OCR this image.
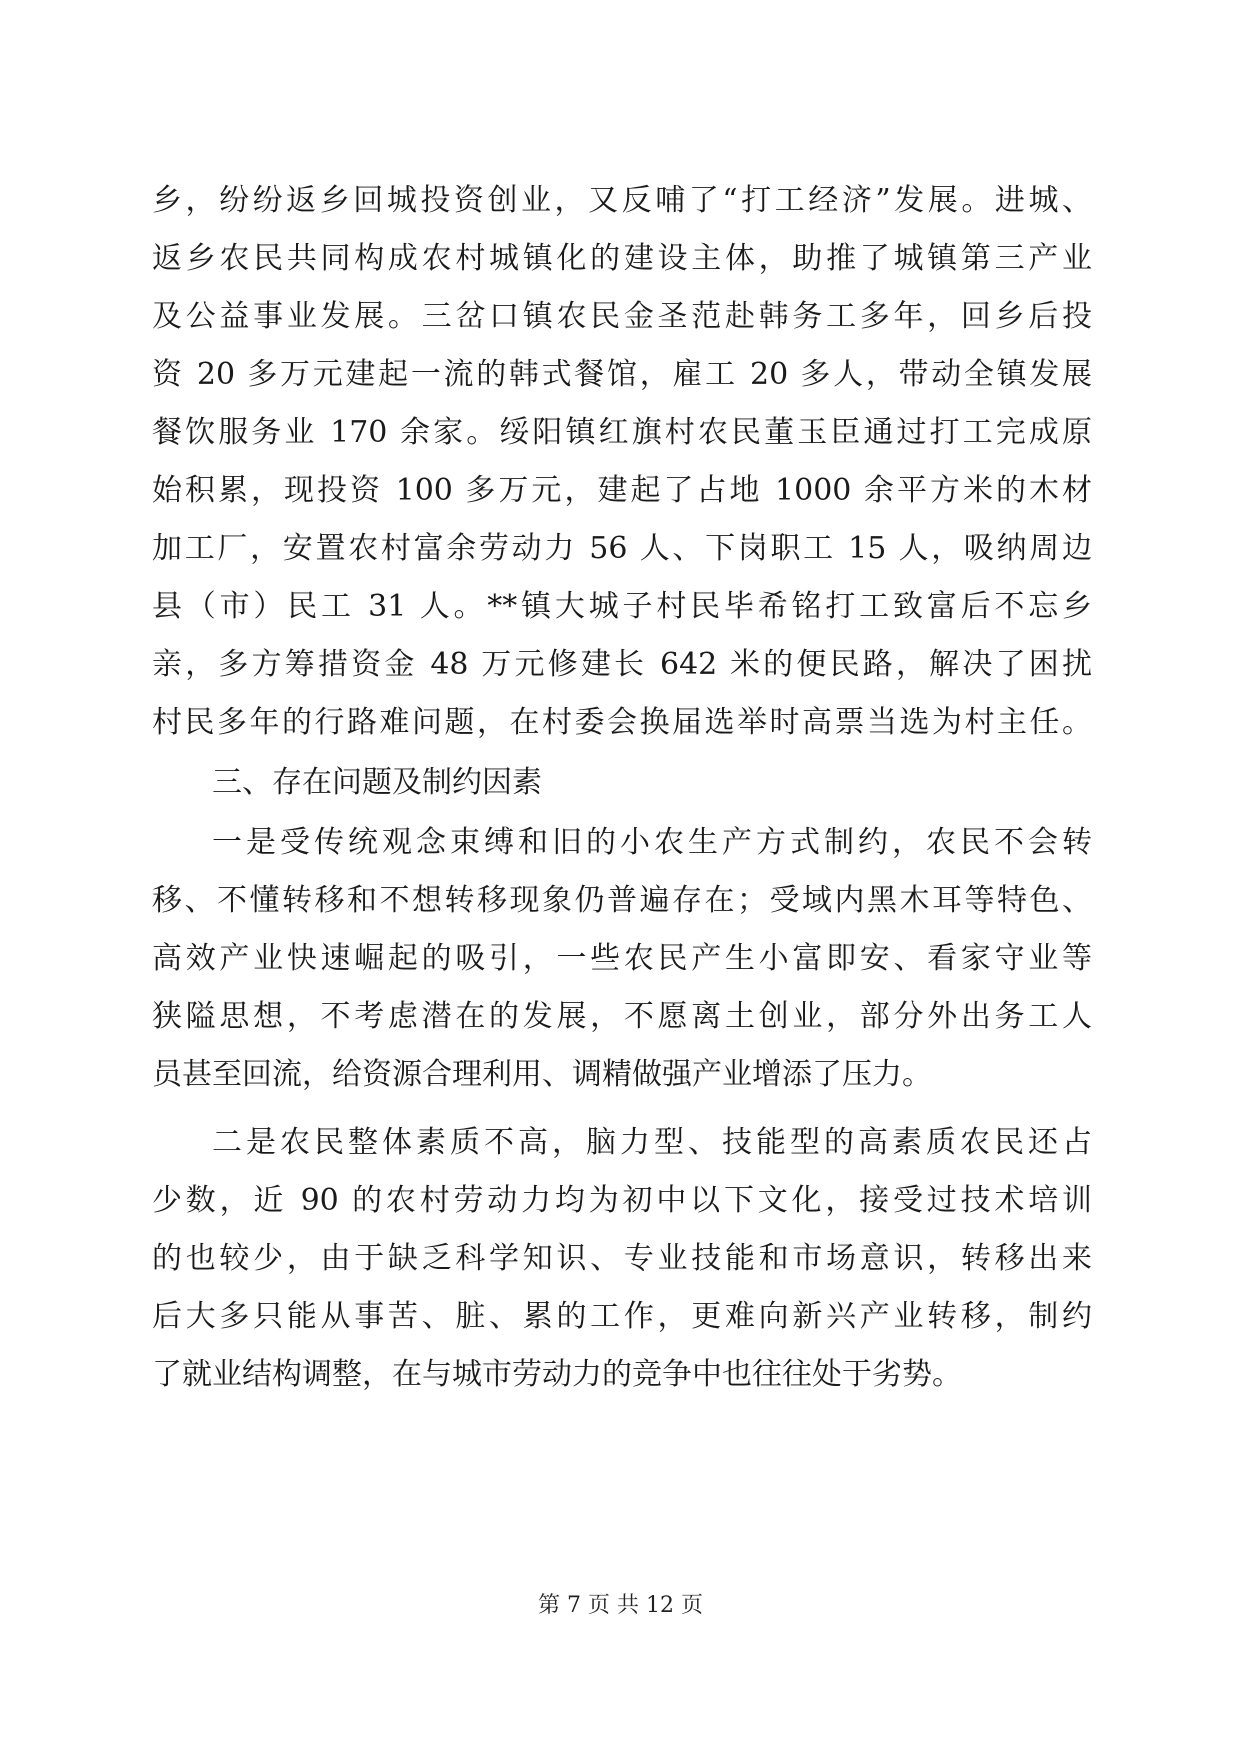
乡，纷纷返乡回城投资创业，又反哺了“打工经济”发展。进城、
返乡农民共同构成农村城镇化的建设主体，助推了城镇第三产业
及公益事业发展。三岔口镇农民金圣范赴韩务工多年，回乡后投
资 20 多万元建起一流的韩式餐馆，雇工 20 多人，带动全镇发展
餐饮服务业 170 余家。绥阳镇红旗村农民董玉臣通过打工完成原
始积累，现投资 100 多万元，建起了占地 1000 余平方米的木材
加工厂，安置农村富余劳动力 56 人、下岗职工 15 人，吸纳周边
县（市）民工 31 人。**镇大城子村民毕希铭打工致富后不忘乡
亲，多方筹措资金 48 万元修建长 642 米的便民路，解决了困扰
村民多年的行路难问题，在村委会换届选举时高票当选为村主任。
三、存在问题及制约因素
一是受传统观念束缚和旧的小农生产方式制约，农民不会转
移、不懂转移和不想转移现象仍普遍存在；受域内黑木耳等特色、
高效产业快速崛起的吸引，一些农民产生小富即安、看家守业等
狭隘思想，不考虑潜在的发展，不愿离土创业，部分外出务工人
员甚至回流，给资源合理利用、调精做强产业增添了压力。
二是农民整体素质不高，脑力型、技能型的高素质农民还占
少数，近 90 的农村劳动力均为初中以下文化，接受过技术培训
的也较少，由于缺乏科学知识、专业技能和市场意识，转移出来
后大多只能从事苦、脏、累的工作，更难向新兴产业转移，制约
了就业结构调整，在与城市劳动力的竞争中也往往处于劣势。
第 7 页 共 12 页
